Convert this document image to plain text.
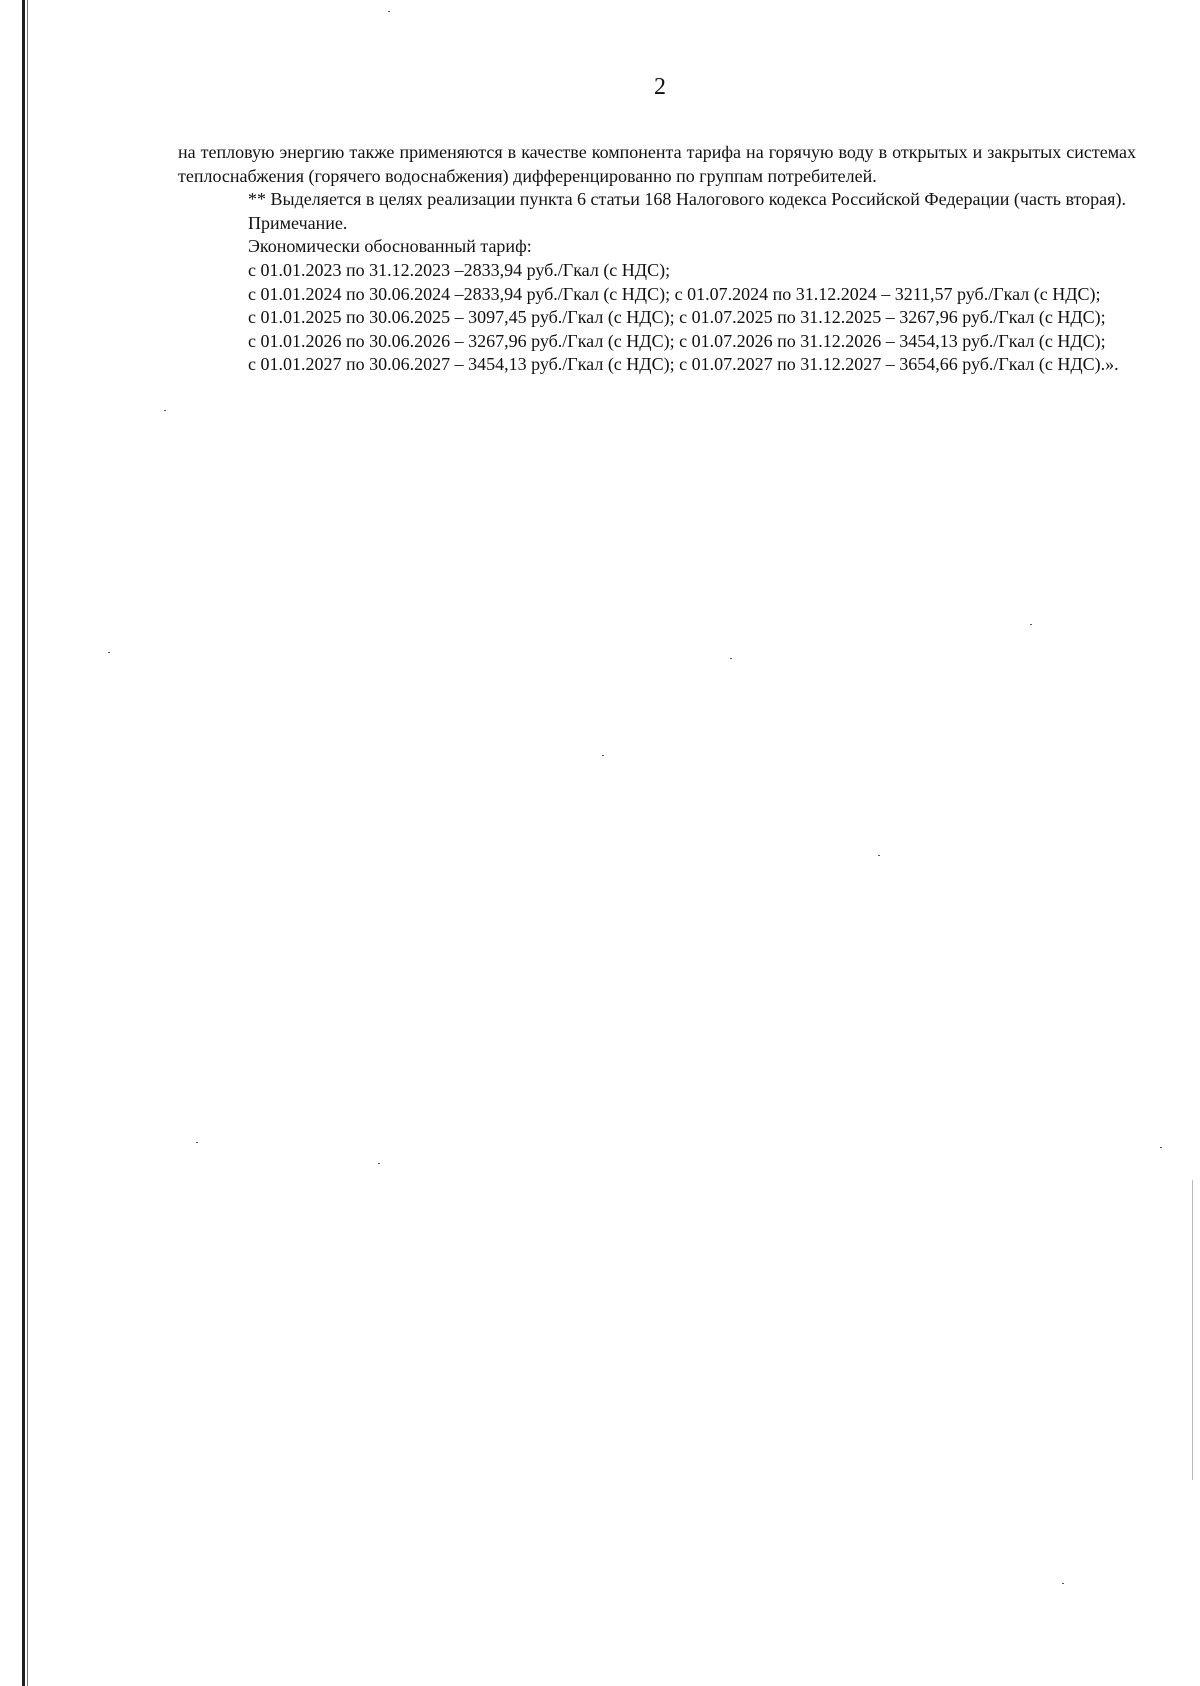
2

на тепловую энергию также применяются в качестве компонента тарифа на горячую воду в открытых и закрытых системах теплоснабжения (горячего водоснабжения) дифференцированно по группам потребителей.

** Выделяется в целях реализации пункта 6 статьи 168 Налогового кодекса Российской Федерации (часть вторая).

Примечание.

Экономически обоснованный тариф:

с 01.01.2023 по 31.12.2023 –2833,94 руб./Гкал (с НДС);

с 01.01.2024 по 30.06.2024 –2833,94 руб./Гкал (с НДС); с 01.07.2024 по 31.12.2024 – 3211,57 руб./Гкал (с НДС);

с 01.01.2025 по 30.06.2025 – 3097,45 руб./Гкал (с НДС); с 01.07.2025 по 31.12.2025 – 3267,96 руб./Гкал (с НДС);

с 01.01.2026 по 30.06.2026 – 3267,96 руб./Гкал (с НДС); с 01.07.2026 по 31.12.2026 – 3454,13 руб./Гкал (с НДС);

с 01.01.2027 по 30.06.2027 – 3454,13 руб./Гкал (с НДС); с 01.07.2027 по 31.12.2027 – 3654,66 руб./Гкал (с НДС).».
